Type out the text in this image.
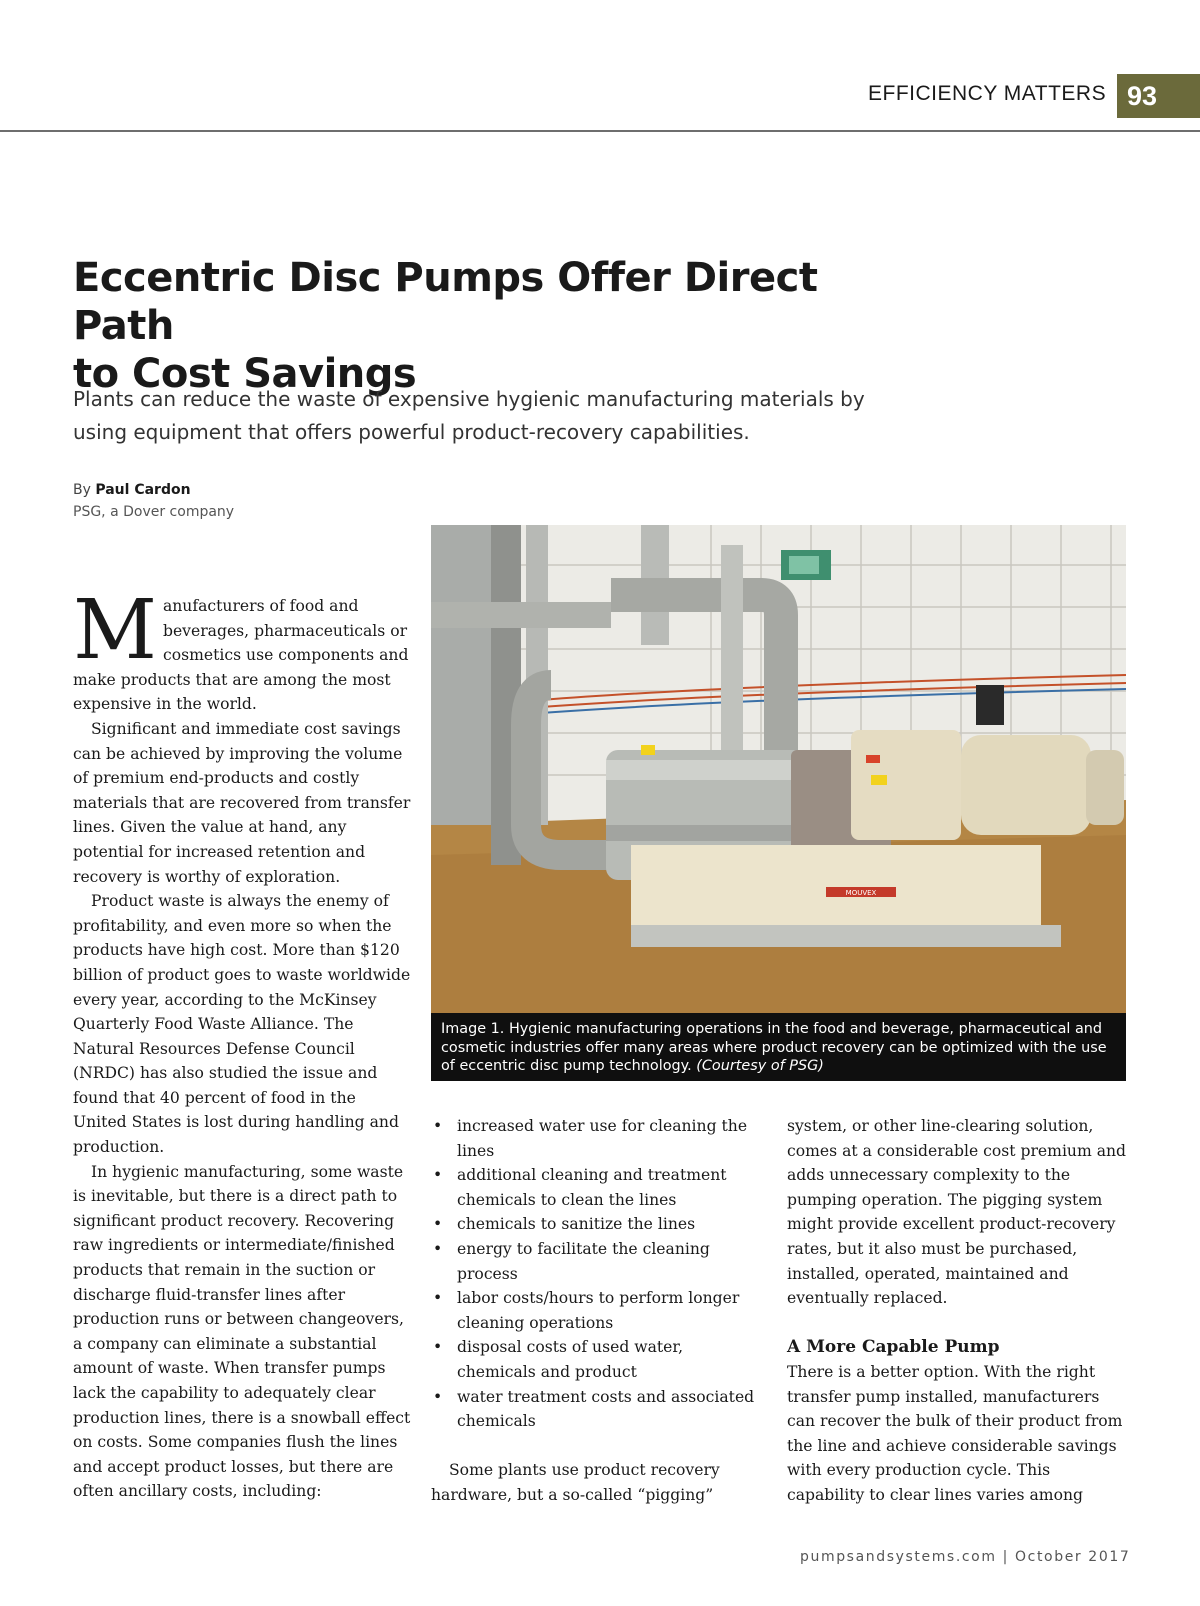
EFFICIENCY MATTERS 93
Eccentric Disc Pumps Offer Direct Path
to Cost Savings

Plants can reduce the waste of expensive hygienic manufacturing materials by using equipment that offers powerful product-recovery capabilities.

By Paul Cardon
PSG, a Dover company

Manufacturers of food and beverages, pharmaceuticals or cosmetics use components and make products that are among the most expensive in the world.

Significant and immediate cost savings can be achieved by improving the volume of premium end-products and costly materials that are recovered from transfer lines. Given the value at hand, any potential for increased retention and recovery is worthy of exploration.

Product waste is always the enemy of profitability, and even more so when the products have high cost. More than $120 billion of product goes to waste worldwide every year, according to the McKinsey Quarterly Food Waste Alliance. The Natural Resources Defense Council (NRDC) has also studied the issue and found that 40 percent of food in the United States is lost during handling and production.

In hygienic manufacturing, some waste is inevitable, but there is a direct path to significant product recovery. Recovering raw ingredients or intermediate/finished products that remain in the suction or discharge fluid-transfer lines after production runs or between changeovers, a company can eliminate a substantial amount of waste. When transfer pumps lack the capability to adequately clear production lines, there is a snowball effect on costs. Some companies flush the lines and accept product losses, but there are often ancillary costs, including:

MOUVEX
Image 1. Hygienic manufacturing operations in the food and beverage, pharmaceutical and cosmetic industries offer many areas where product recovery can be optimized with the use of eccentric disc pump technology. (Courtesy of PSG)
• increased water use for cleaning the lines
• additional cleaning and treatment chemicals to clean the lines
• chemicals to sanitize the lines
• energy to facilitate the cleaning process
• labor costs/hours to perform longer cleaning operations
• disposal costs of used water, chemicals and product
• water treatment costs and associated chemicals

Some plants use product recovery hardware, but a so-called “pigging”

system, or other line-clearing solution, comes at a considerable cost premium and adds unnecessary complexity to the pumping operation. The pigging system might provide excellent product-recovery rates, but it also must be purchased, installed, operated, maintained and eventually replaced.

A More Capable Pump

There is a better option. With the right transfer pump installed, manufacturers can recover the bulk of their product from the line and achieve considerable savings with every production cycle. This capability to clear lines varies among

pumpsandsystems.com | October 2017
